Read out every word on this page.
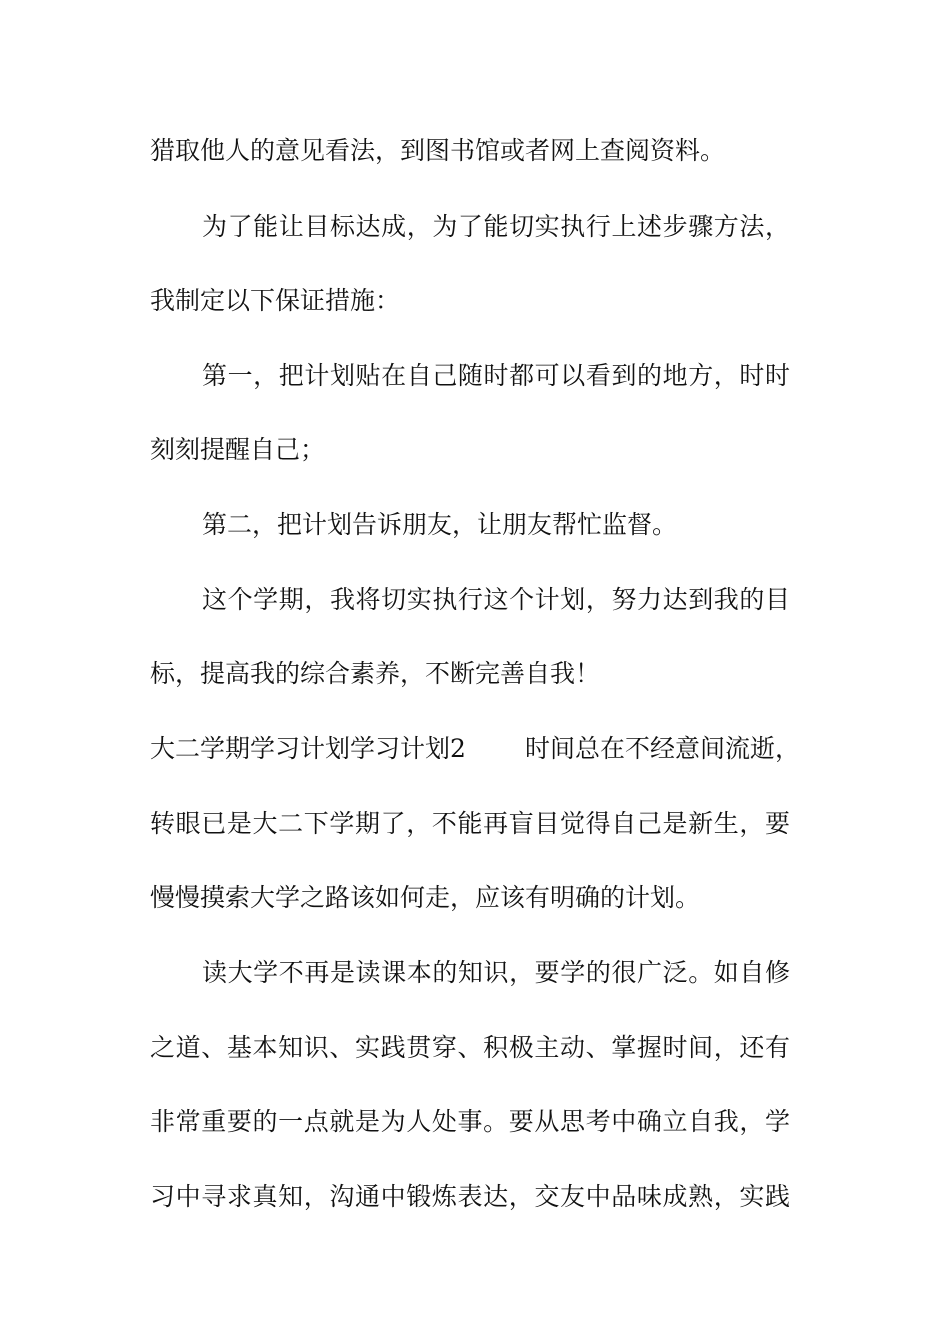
猎取他人的意见看法，到图书馆或者网上查阅资料。
为了能让目标达成，为了能切实执行上述步骤方法，
我制定以下保证措施：
第一，把计划贴在自己随时都可以看到的地方，时时
刻刻提醒自己；
第二，把计划告诉朋友，让朋友帮忙监督。
这个学期，我将切实执行这个计划，努力达到我的目
标，提高我的综合素养，不断完善自我！
大二学期学习计划学习计划2 时间总在不经意间流逝，
转眼已是大二下学期了，不能再盲目觉得自己是新生，要
慢慢摸索大学之路该如何走，应该有明确的计划。
读大学不再是读课本的知识，要学的很广泛。如自修
之道、基本知识、实践贯穿、积极主动、掌握时间，还有
非常重要的一点就是为人处事。要从思考中确立自我，学
习中寻求真知，沟通中锻炼表达，交友中品味成熟，实践
